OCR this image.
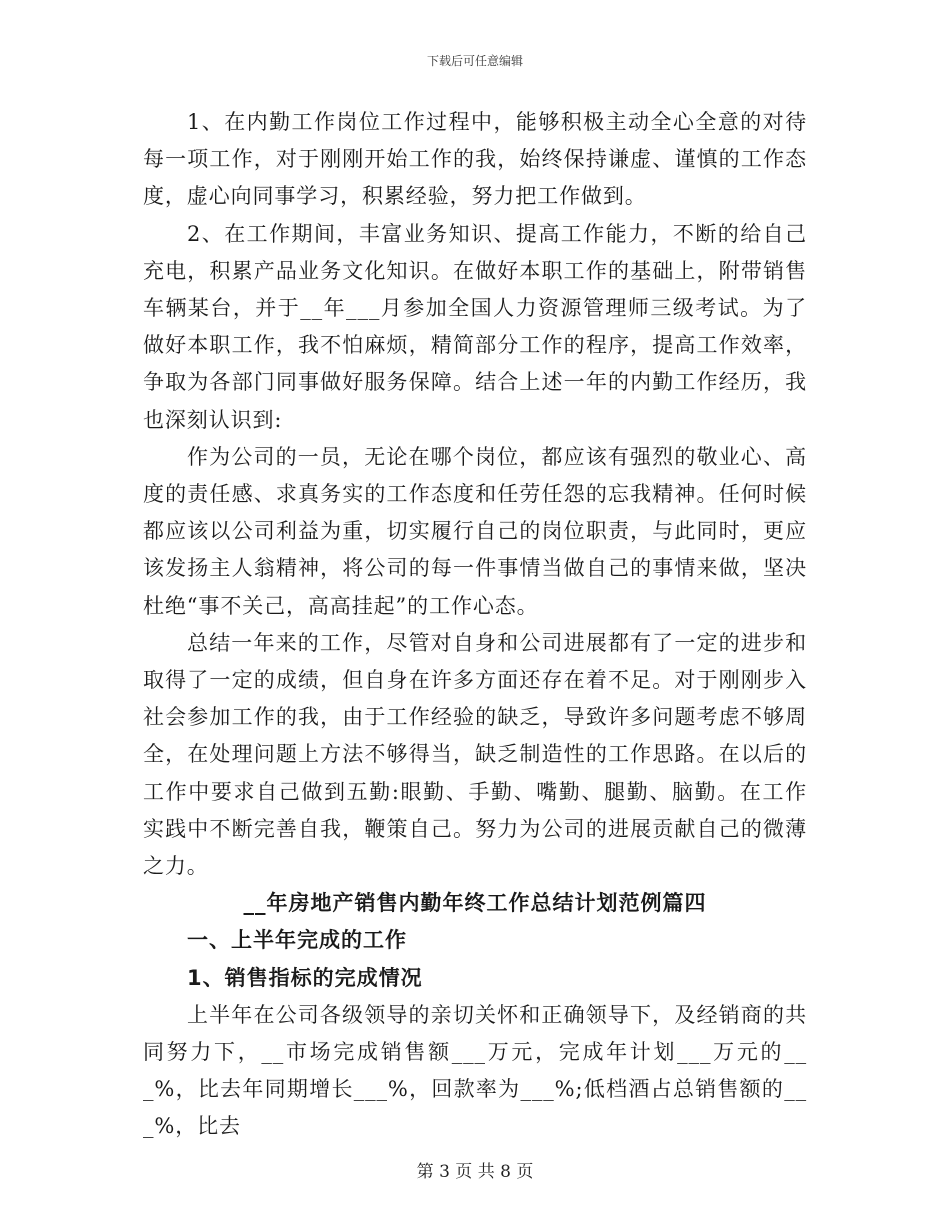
下载后可任意编辑

1、在内勤工作岗位工作过程中，能够积极主动全心全意的对待每一项工作，对于刚刚开始工作的我，始终保持谦虚、谨慎的工作态度，虚心向同事学习，积累经验，努力把工作做到。

2、在工作期间，丰富业务知识、提高工作能力，不断的给自己充电，积累产品业务文化知识。在做好本职工作的基础上，附带销售车辆某台，并于__年___月参加全国人力资源管理师三级考试。为了做好本职工作，我不怕麻烦，精简部分工作的程序，提高工作效率，争取为各部门同事做好服务保障。结合上述一年的内勤工作经历，我也深刻认识到:

作为公司的一员，无论在哪个岗位，都应该有强烈的敬业心、高度的责任感、求真务实的工作态度和任劳任怨的忘我精神。任何时候都应该以公司利益为重，切实履行自己的岗位职责，与此同时，更应该发扬主人翁精神，将公司的每一件事情当做自己的事情来做，坚决杜绝“事不关己，高高挂起”的工作心态。

总结一年来的工作，尽管对自身和公司进展都有了一定的进步和取得了一定的成绩，但自身在许多方面还存在着不足。对于刚刚步入社会参加工作的我，由于工作经验的缺乏，导致许多问题考虑不够周全，在处理问题上方法不够得当，缺乏制造性的工作思路。在以后的工作中要求自己做到五勤:眼勤、手勤、嘴勤、腿勤、脑勤。在工作实践中不断完善自我，鞭策自己。努力为公司的进展贡献自己的微薄之力。

__年房地产销售内勤年终工作总结计划范例篇四

一、上半年完成的工作

1、销售指标的完成情况

上半年在公司各级领导的亲切关怀和正确领导下，及经销商的共同努力下，__市场完成销售额___万元，完成年计划___万元的___%，比去年同期增长___%，回款率为___%;低档酒占总销售额的___%，比去

第 3 页 共 8 页
